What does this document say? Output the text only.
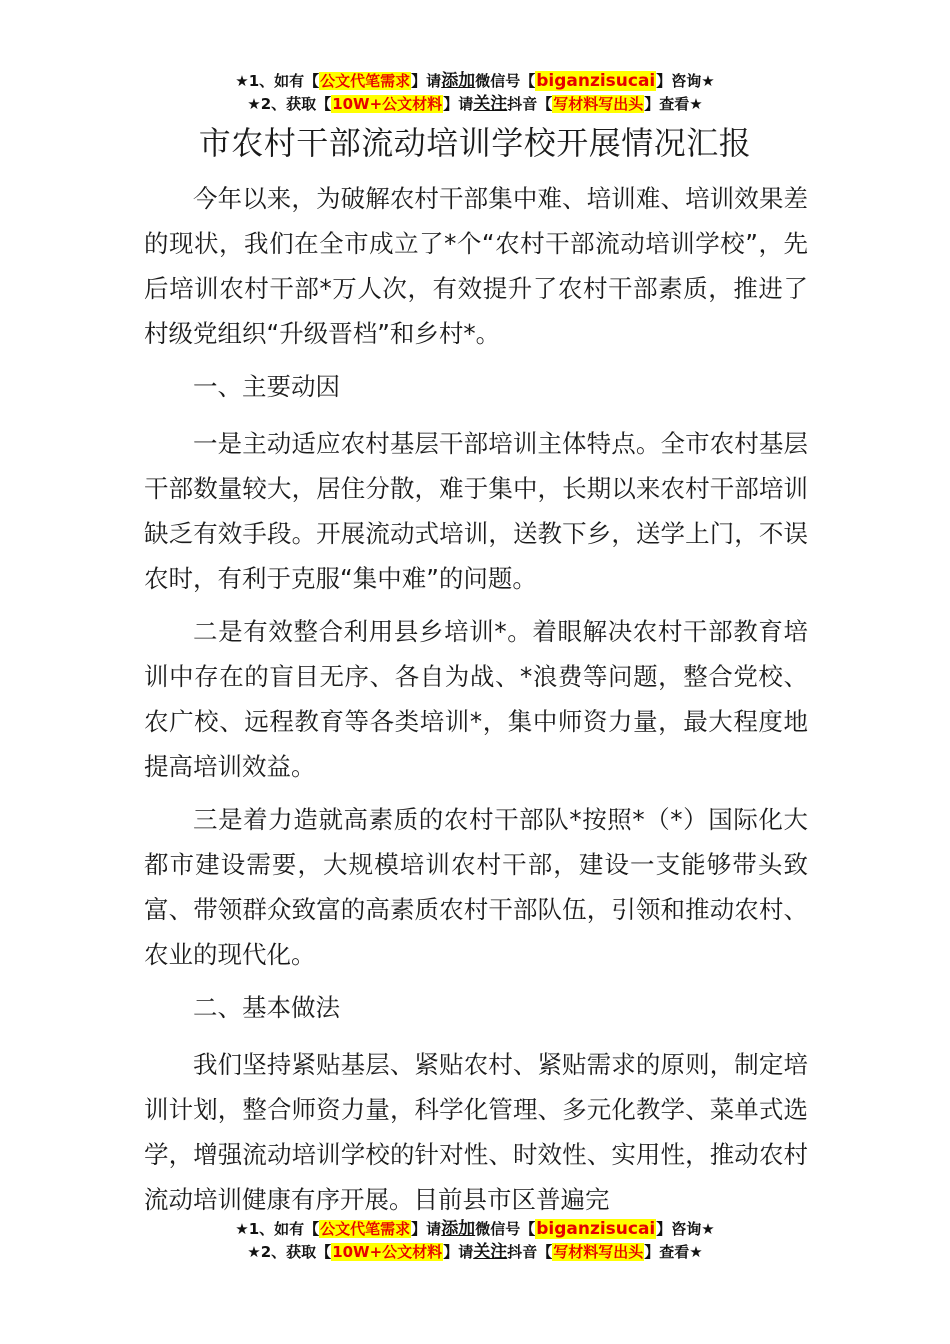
★1、如有【公文代笔需求】请添加微信号【biganzisucai】咨询★
★2、获取【10W+公文材料】请关注抖音【写材料写出头】查看★
市农村干部流动培训学校开展情况汇报

今年以来，为破解农村干部集中难、培训难、培训效果差的现状，我们在全市成立了*个“农村干部流动培训学校”，先后培训农村干部*万人次，有效提升了农村干部素质，推进了村级党组织“升级晋档”和乡村*。

一、主要动因

一是主动适应农村基层干部培训主体特点。全市农村基层干部数量较大，居住分散，难于集中，长期以来农村干部培训缺乏有效手段。开展流动式培训，送教下乡，送学上门，不误农时，有利于克服“集中难”的问题。

二是有效整合利用县乡培训*。着眼解决农村干部教育培训中存在的盲目无序、各自为战、*浪费等问题，整合党校、农广校、远程教育等各类培训*，集中师资力量，最大程度地提高培训效益。

三是着力造就高素质的农村干部队*按照*（*）国际化大都市建设需要，大规模培训农村干部，建设一支能够带头致富、带领群众致富的高素质农村干部队伍，引领和推动农村、农业的现代化。

二、基本做法

我们坚持紧贴基层、紧贴农村、紧贴需求的原则，制定培训计划，整合师资力量，科学化管理、多元化教学、菜单式选学，增强流动培训学校的针对性、时效性、实用性，推动农村流动培训健康有序开展。目前县市区普遍完

★1、如有【公文代笔需求】请添加微信号【biganzisucai】咨询★
★2、获取【10W+公文材料】请关注抖音【写材料写出头】查看★
